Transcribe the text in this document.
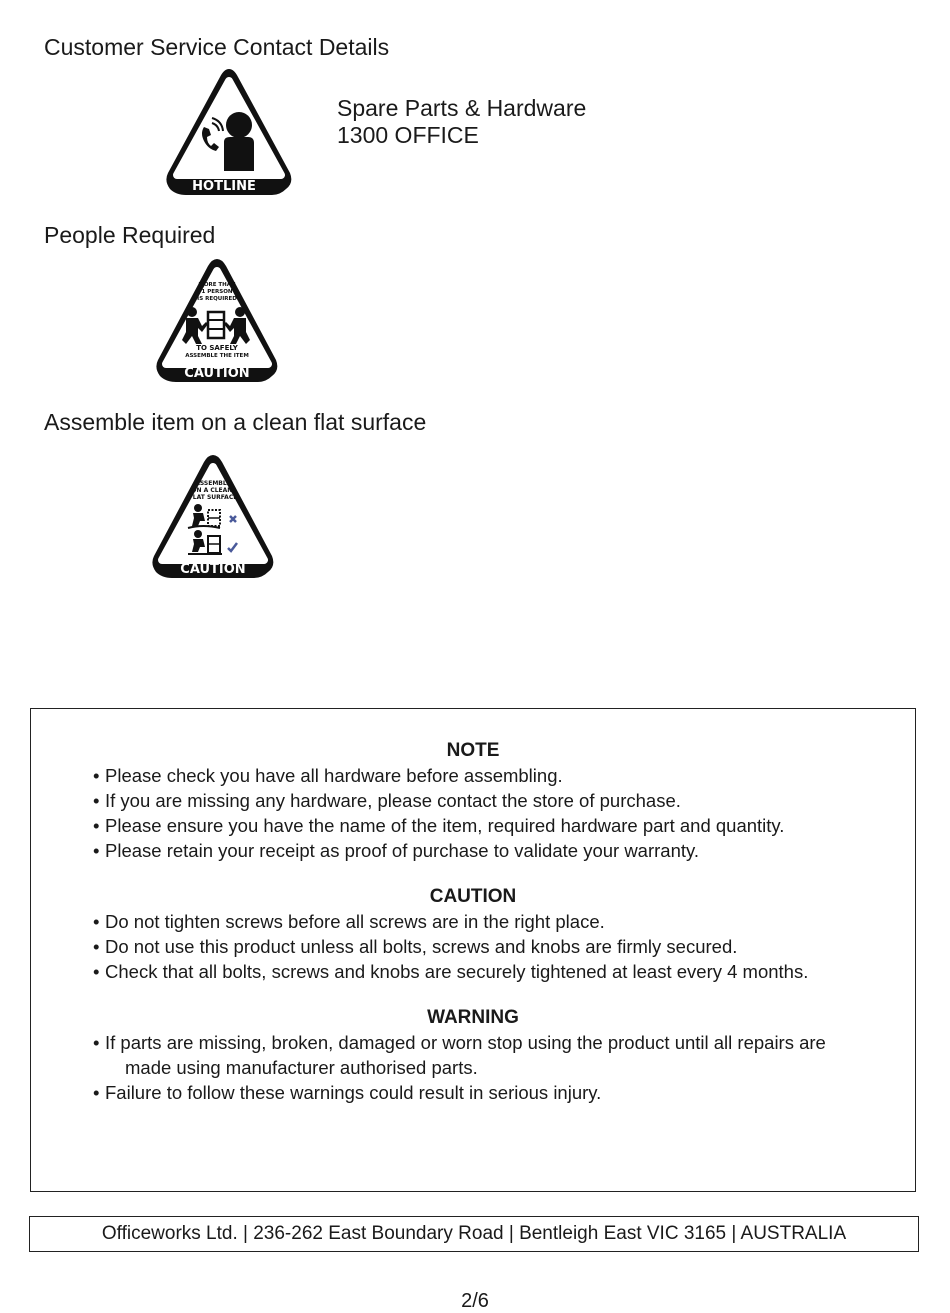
Customer Service Contact Details
People Required
Assemble item on a clean flat surface
HOTLINE
Spare Parts & Hardware
1300 OFFICE
MORE THAN
1 PERSON
IS REQUIRED
TO SAFELY
ASSEMBLE THE ITEM
CAUTION
ASSEMBLE
ON A CLEAN,
FLAT SURFACE
CAUTION

NOTE

• Please check you have all hardware before assembling.
• If you are missing any hardware, please contact the store of purchase.
• Please ensure you have the name of the item, required hardware part and quantity.
• Please retain your receipt as proof of purchase to validate your warranty.

CAUTION

• Do not tighten screws before all screws are in the right place.
• Do not use this product unless all bolts, screws and knobs are firmly secured.
• Check that all bolts, screws and knobs are securely tightened at least every 4 months.

WARNING

• If parts are missing, broken, damaged or worn stop using the product until all repairs are
made using manufacturer authorised parts.
• Failure to follow these warnings could result in serious injury.
Officeworks Ltd. | 236-262 East Boundary Road | Bentleigh East VIC 3165 | AUSTRALIA
2/6
